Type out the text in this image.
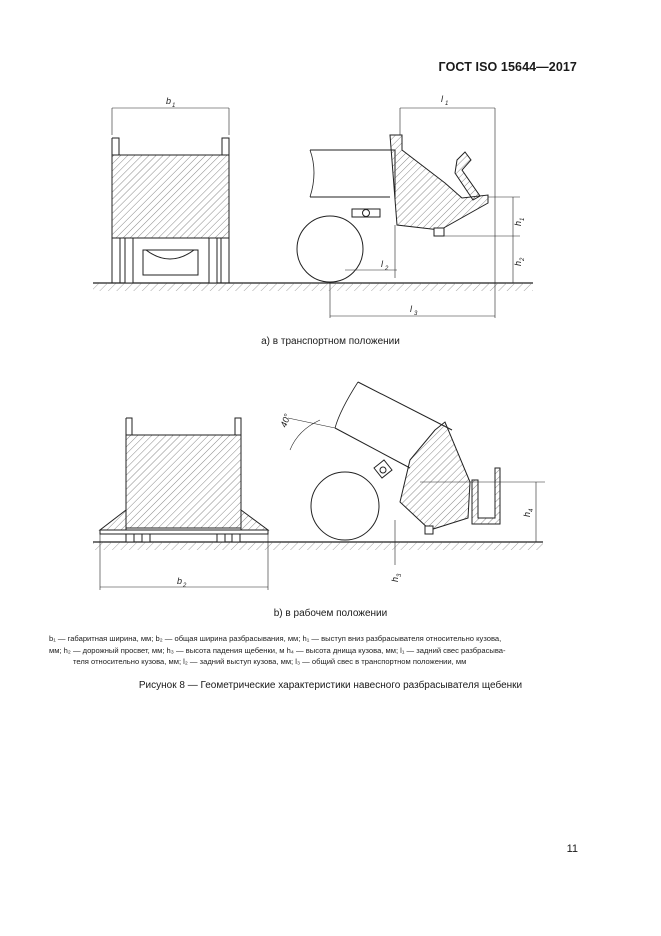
ГОСТ ISO 15644—2017
b 1
l 1
h
1
h
2
l 2
l 3
40°
b 2
h
3
h
4
а) в транспортном положении
b) в рабочем положении
b₁ — габаритная ширина, мм; b₂ — общая ширина разбрасывания, мм; h₁ — выступ вниз разбрасывателя относительно кузова,
мм; h₂ — дорожный просвет, мм; h₃ — высота падения щебенки, м h₄ — высота днища кузова, мм; l₁ — задний свес разбрасыва-

теля относительно кузова, мм; l₂ — задний выступ кузова, мм; l₃ — общий свес в транспортном положении, мм
Рисунок 8 — Геометрические характеристики навесного разбрасывателя щебенки
11
